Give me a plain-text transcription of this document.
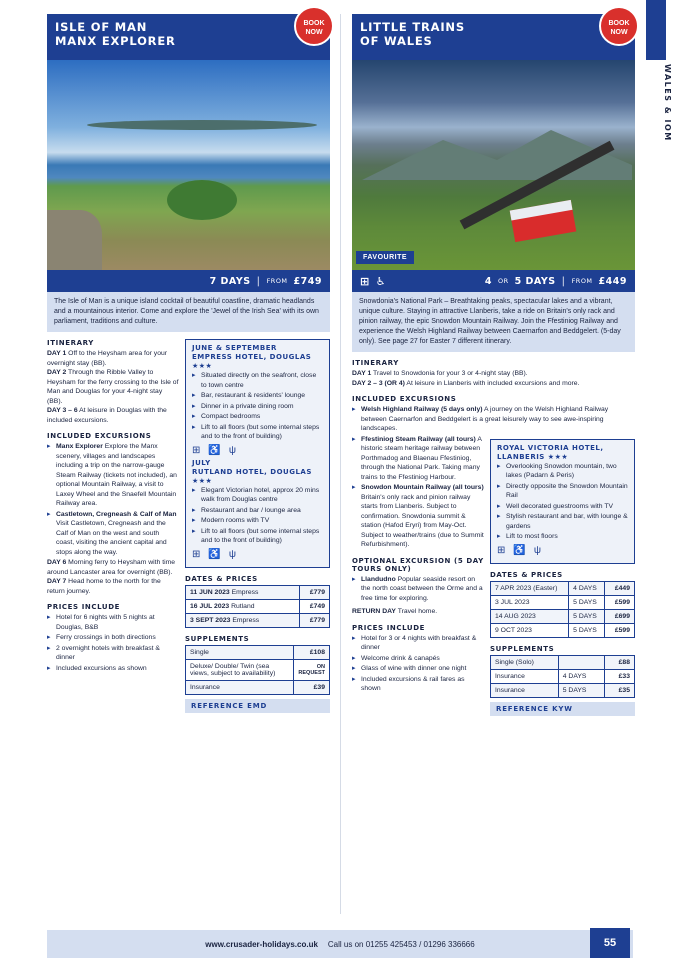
WALES & IOM
ISLE OF MAN
MANX EXPLORER
BOOK
NOW
7 DAYS | FROM £749
The Isle of Man is a unique island cocktail of beautiful coastline, dramatic headlands and a mountainous interior. Come and explore the 'Jewel of the Irish Sea' with its own parliament, traditions and culture.
ITINERARY
DAY 1 Off to the Heysham area for your overnight stay (BB).
DAY 2 Through the Ribble Valley to Heysham for the ferry crossing to the Isle of Man and Douglas for your 4-night stay (BB).
DAY 3 – 6 At leisure in Douglas with the included excursions.
INCLUDED EXCURSIONS
▸ Manx Explorer Explore the Manx scenery, villages and landscapes including a trip on the narrow-gauge Steam Railway (tickets not included), an optional Mountain Railway, a visit to Laxey Wheel and the Snaefell Mountain Railway area.
▸ Castletown, Cregneash & Calf of Man Visit Castletown, Cregneash and the Calf of Man on the west and south coast, visiting the ancient capital and stops along the way.
DAY 6 Morning ferry to Heysham with time around Lancaster area for overnight (BB).
DAY 7 Head home to the north for the return journey.
PRICES INCLUDE
▸ Hotel for 6 nights with 5 nights at Douglas, B&B
▸ Ferry crossings in both directions
▸ 2 overnight hotels with breakfast & dinner
▸ Included excursions as shown
JUNE & SEPTEMBER
EMPRESS HOTEL, DOUGLAS ★★★
▸ Situated directly on the seafront, close to town centre
▸ Bar, restaurant & residents' lounge
▸ Dinner in a private dining room
▸ Compact bedrooms
▸ Lift to all floors (but some internal steps and to the front of building)
⊞ ♿ ψ
JULY
RUTLAND HOTEL, DOUGLAS ★★★
▸ Elegant Victorian hotel, approx 20 mins walk from Douglas centre
▸ Restaurant and bar / lounge area
▸ Modern rooms with TV
▸ Lift to all floors (but some internal steps and to the front of building)
⊞ ♿ ψ
DATES & PRICES
11 JUN 2023 Empress	£779
16 JUL 2023 Rutland	£749
3 SEPT 2023 Empress	£779
SUPPLEMENTS
Single	£108
Deluxe/ Double/ Twin (sea views, subject to availability)	ON REQUEST
Insurance	£39
REFERENCE EMD
LITTLE TRAINS
OF WALES
BOOK
NOW
FAVOURITE
⊞ ♿	4 OR 5 DAYS | FROM £449
Snowdonia's National Park – Breathtaking peaks, spectacular lakes and a vibrant, unique culture. Staying in attractive Llanberis, take a ride on Britain's only rack and pinion railway, the epic Snowdon Mountain Railway. Join the Ffestiniog Railway and experience the Welsh Highland Railway between Caernarfon and Beddgelert. (5-day only). See page 27 for Easter 7 different itinerary.
ITINERARY
DAY 1 Travel to Snowdonia for your 3 or 4-night stay (BB).
DAY 2 – 3 (OR 4) At leisure in Llanberis with included excursions and more.
INCLUDED EXCURSIONS
▸ Welsh Highland Railway (5 days only) A journey on the Welsh Highland Railway between Caernarfon and Beddgelert is a great leisurely way to see awe-inspiring landscapes.
▸ Ffestiniog Steam Railway (all tours) A historic steam heritage railway between Porthmadog and Blaenau Ffestiniog, through the National Park. Taking many trains to the Ffestiniog Harbour.
▸ Snowdon Mountain Railway (all tours) Britain's only rack and pinion railway starts from Llanberis. Subject to confirmation. Snowdonia summit & station (Hafod Eryri) from May-Oct. Subject to weather/trains (due to Summit Refurbishment).
OPTIONAL EXCURSION (5 DAY TOURS ONLY)
▸ Llandudno Popular seaside resort on the north coast between the Orme and a free time for exploring.
RETURN DAY Travel home.
PRICES INCLUDE
▸ Hotel for 3 or 4 nights with breakfast & dinner
▸ Welcome drink & canapés
▸ Glass of wine with dinner one night
▸ Included excursions & rail fares as shown
ROYAL VICTORIA HOTEL, LLANBERIS ★★★
▸ Overlooking Snowdon mountain, two lakes (Padarn & Peris)
▸ Directly opposite the Snowdon Mountain Rail
▸ Well decorated guestrooms with TV
▸ Stylish restaurant and bar, with lounge & gardens
▸ Lift to most floors
⊞ ♿ ψ
DATES & PRICES
7 APR 2023 (Easter)	4 DAYS	£449
3 JUL 2023	5 DAYS	£599
14 AUG 2023	5 DAYS	£699
9 OCT 2023	5 DAYS	£599
SUPPLEMENTS
Single (Solo)		£88
Insurance	4 DAYS	£33
Insurance	5 DAYS	£35
REFERENCE KYW
www.crusader-holidays.co.uk Call us on 01255 425453 / 01296 336666	55
